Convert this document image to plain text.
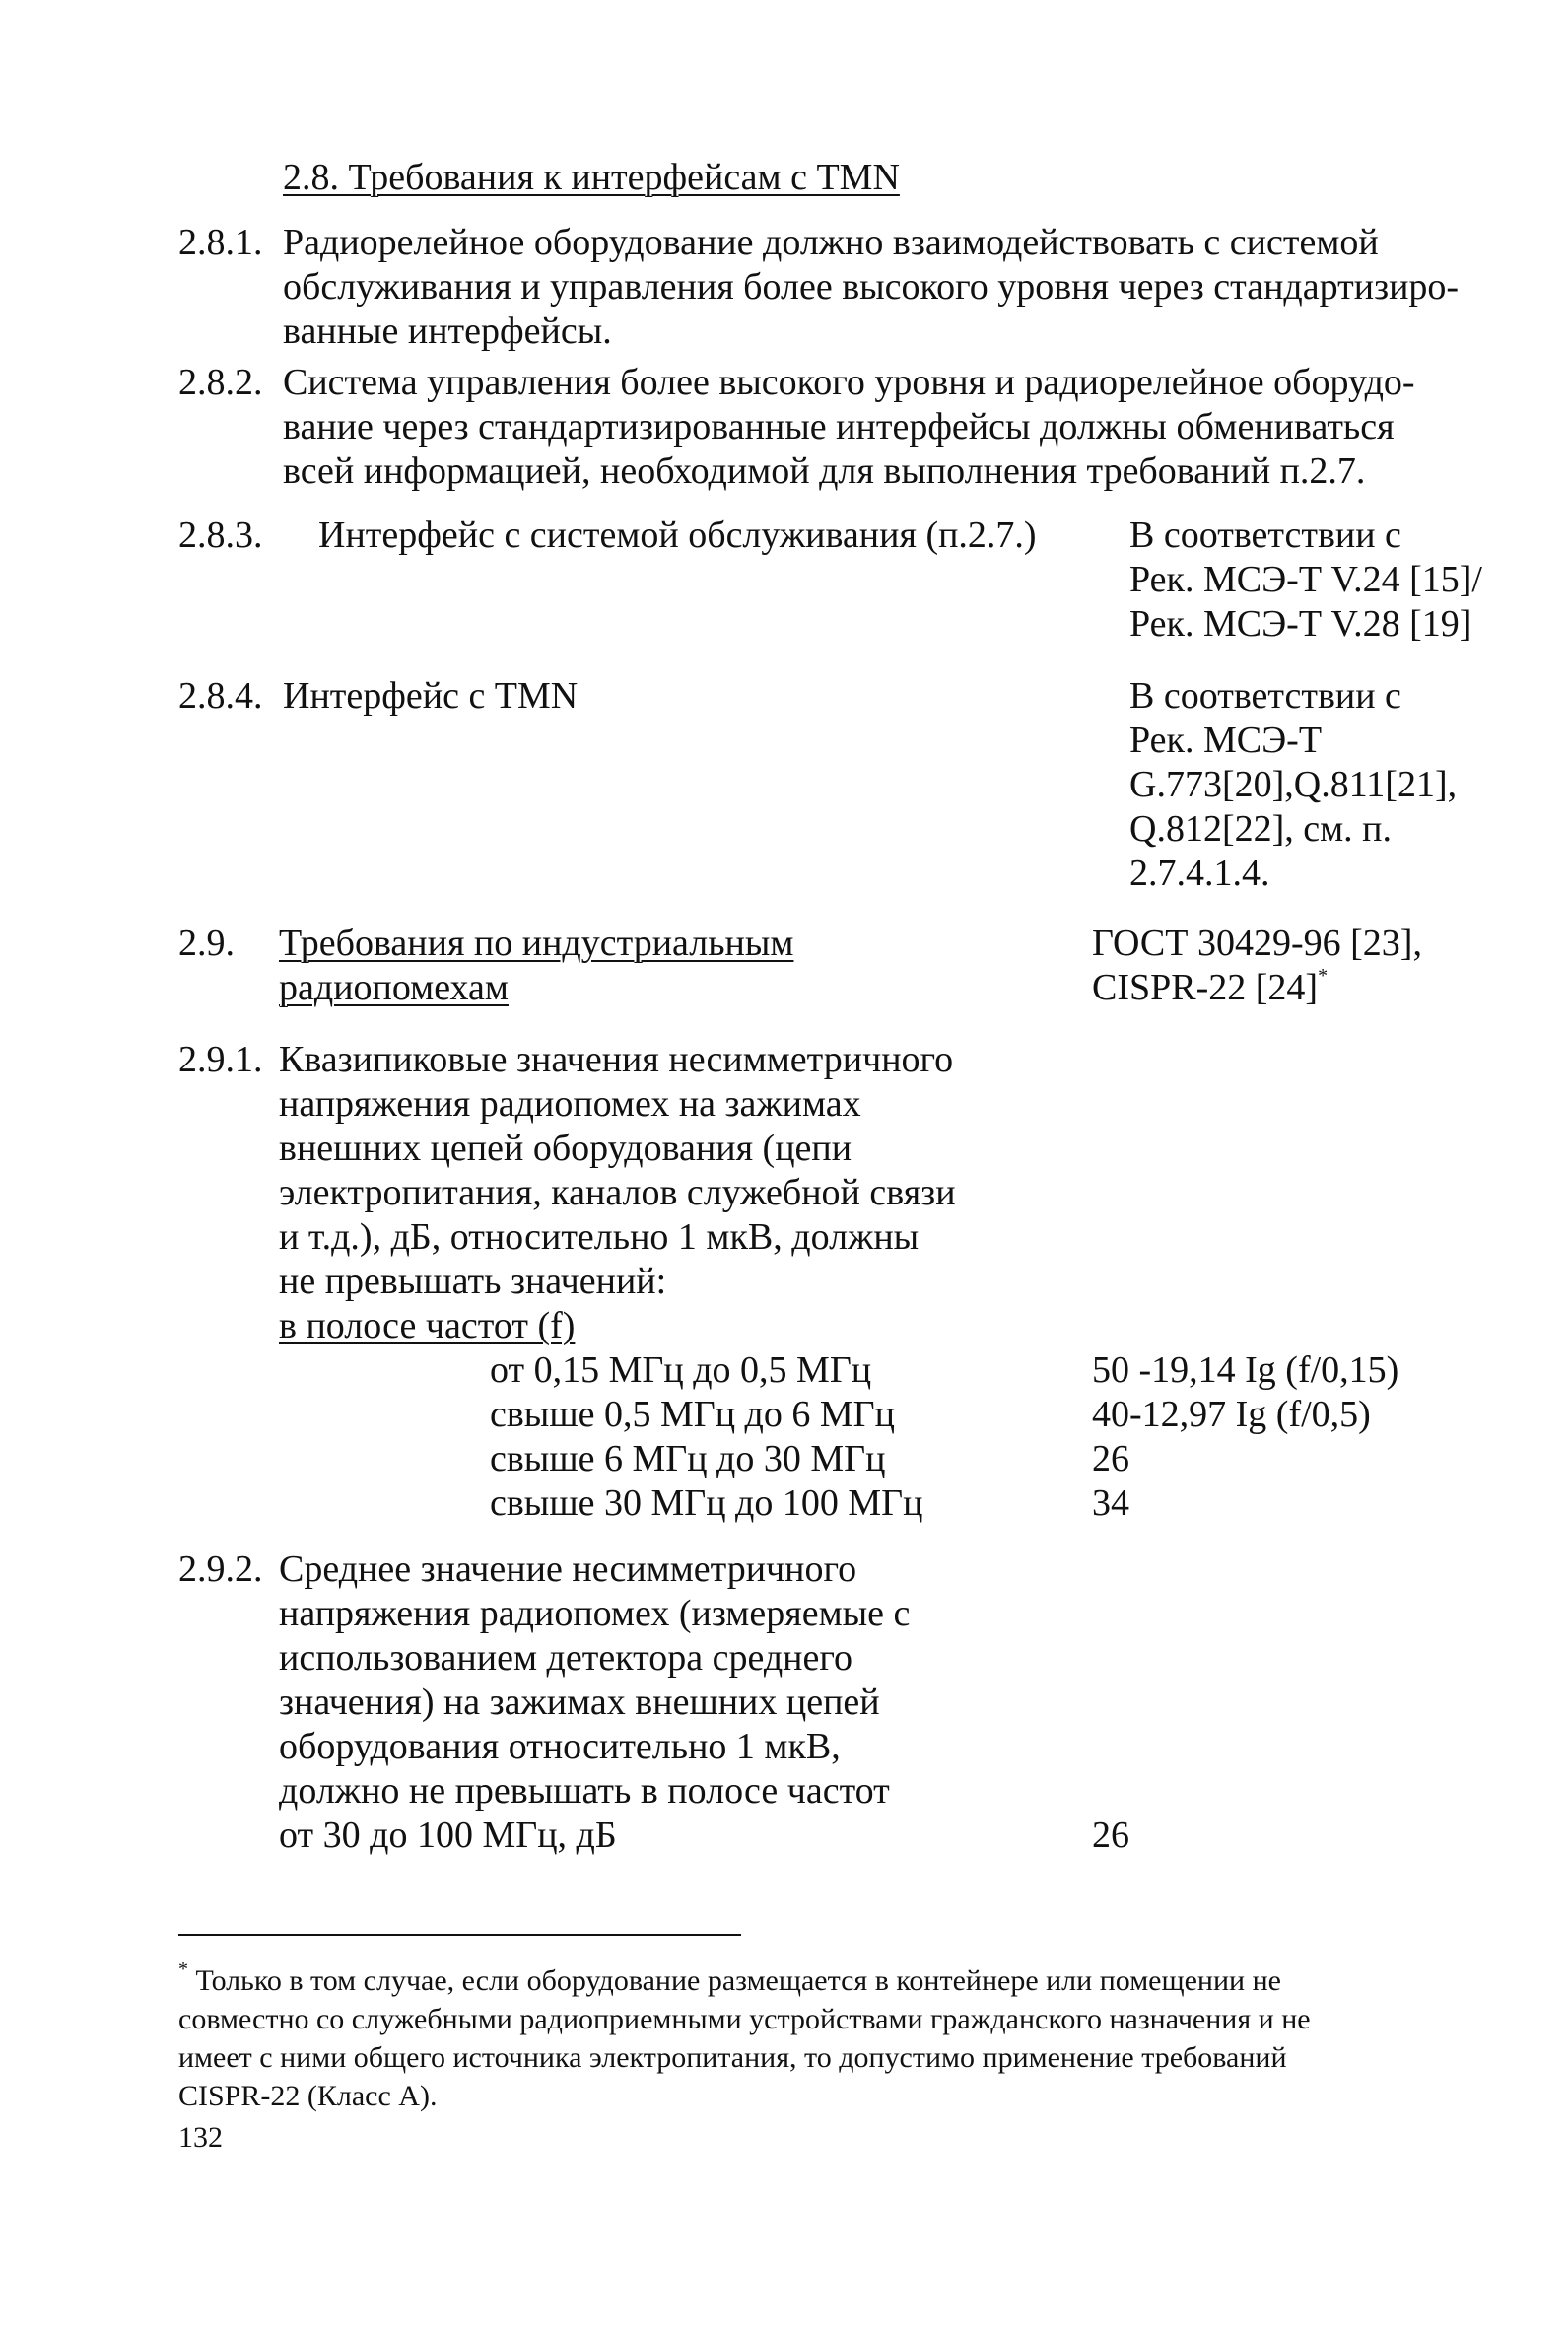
2.8. Требования к интерфейсам с TMN
2.8.1. Радиорелейное оборудование должно взаимодействовать с системой
обслуживания и управления более высокого уровня через стандартизиро-
ванные интерфейсы.
2.8.2. Система управления более высокого уровня и радиорелейное оборудо-
вание через стандартизированные интерфейсы должны обмениваться
всей информацией, необходимой для выполнения требований п.2.7.
2.8.3. Интерфейс с системой обслуживания (п.2.7.) В соответствии с
Рек. МСЭ-Т V.24 [15]/
Рек. МСЭ-Т V.28 [19]
2.8.4. Интерфейс с TMN	В соответствии с
Рек. МСЭ-Т
G.773[20],Q.811[21],
Q.812[22], см. п.
2.7.4.1.4.
2.9. Требования по индустриальным
радиопомехам
ГОСТ 30429-96 [23],
CISPR-22 [24]*
2.9.1. Квазипиковые значения несимметричного
напряжения радиопомех на зажимах
внешних цепей оборудования (цепи
электропитания, каналов служебной связи
и т.д.), дБ, относительно 1 мкВ, должны
не превышать значений:
в полосе частот (f)
от 0,15 МГц до 0,5 МГц
свыше 0,5 МГц до 6 МГц
свыше 6 МГц до 30 МГц
свыше 30 МГц до 100 МГц
50 -19,14 Ig (f/0,15)
40-12,97 Ig (f/0,5)
26
34
2.9.2. Среднее значение несимметричного
напряжения радиопомех (измеряемые с
использованием детектора среднего
значения) на зажимах внешних цепей
оборудования относительно 1 мкВ,
должно не превышать в полосе частот
от 30 до 100 МГц, дБ	26
* Только в том случае, если оборудование размещается в контейнере или помещении не
совместно со служебными радиоприемными устройствами гражданского назначения и не
имеет с ними общего источника электропитания, то допустимо применение требований
CISPR-22 (Класс А).
132
